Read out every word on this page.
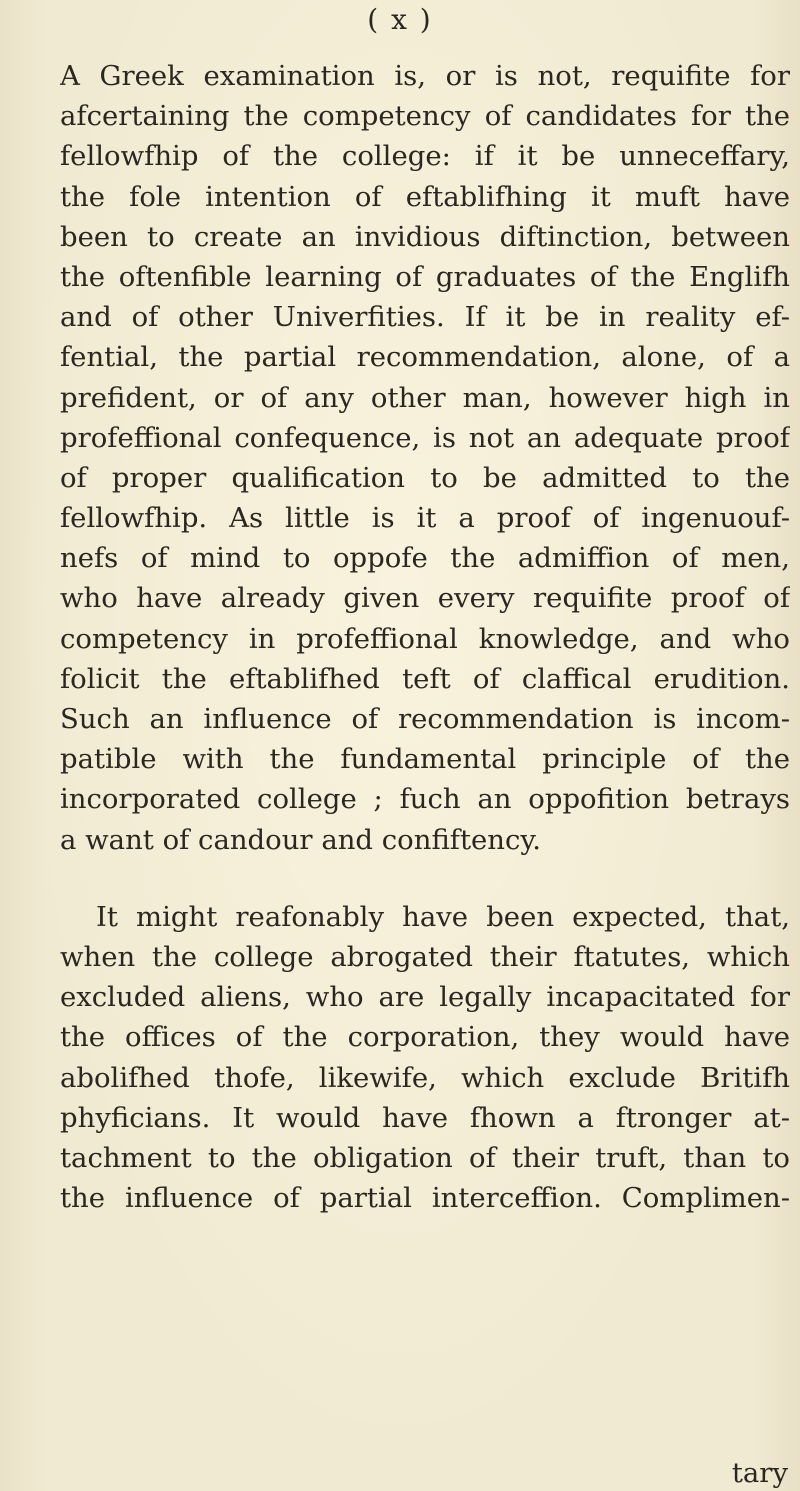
( x )
A Greek examination is, or is not, requifite for
afcertaining the competency of candidates for the
fellowfhip of the college: if it be unneceffary,
the fole intention of eftablifhing it muft have
been to create an invidious diftinction, between
the oftenfible learning of graduates of the Englifh
and of other Univerfities. If it be in reality ef-
fential, the partial recommendation, alone, of a
prefident, or of any other man, however high in
profeffional confequence, is not an adequate proof
of proper qualification to be admitted to the
fellowfhip. As little is it a proof of ingenuouf-
nefs of mind to oppofe the admiffion of men,
who have already given every requifite proof of
competency in profeffional knowledge, and who
folicit the eftablifhed teft of claffical erudition.
Such an influence of recommendation is incom-
patible with the fundamental principle of the
incorporated college ; fuch an oppofition betrays
a want of candour and confiftency.
It might reafonably have been expected, that,
when the college abrogated their ftatutes, which
excluded aliens, who are legally incapacitated for
the offices of the corporation, they would have
abolifhed thofe, likewife, which exclude Britifh
phyficians. It would have fhown a ftronger at-
tachment to the obligation of their truft, than to
the influence of partial interceffion. Complimen-
tary
